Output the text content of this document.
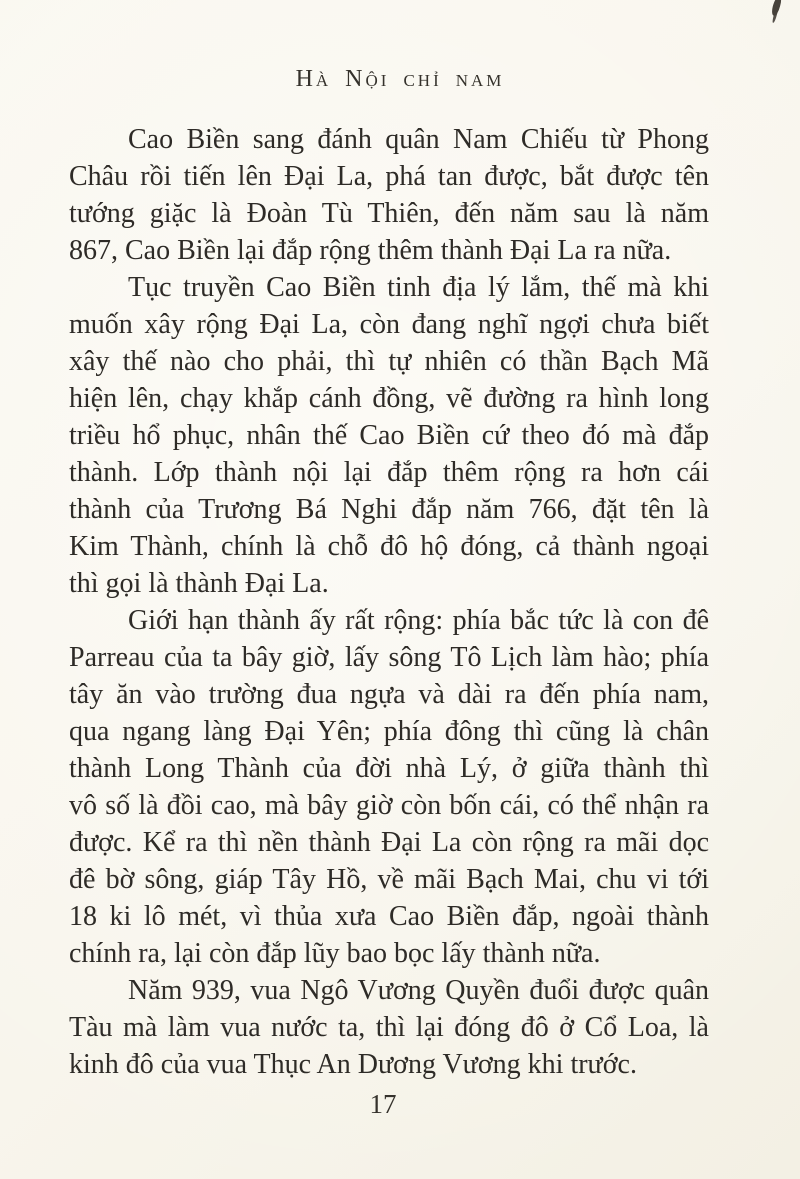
Hà Nội chỉ nam
Cao Biền sang đánh quân Nam Chiếu từ Phong
Châu rồi tiến lên Đại La, phá tan được, bắt được tên
tướng giặc là Đoàn Tù Thiên, đến năm sau là năm
867, Cao Biền lại đắp rộng thêm thành Đại La ra nữa.
Tục truyền Cao Biền tinh địa lý lắm, thế mà khi
muốn xây rộng Đại La, còn đang nghĩ ngợi chưa biết
xây thế nào cho phải, thì tự nhiên có thần Bạch Mã
hiện lên, chạy khắp cánh đồng, vẽ đường ra hình long
triều hổ phục, nhân thế Cao Biền cứ theo đó mà đắp
thành. Lớp thành nội lại đắp thêm rộng ra hơn cái
thành của Trương Bá Nghi đắp năm 766, đặt tên là
Kim Thành, chính là chỗ đô hộ đóng, cả thành ngoại
thì gọi là thành Đại La.
Giới hạn thành ấy rất rộng: phía bắc tức là con đê
Parreau của ta bây giờ, lấy sông Tô Lịch làm hào; phía
tây ăn vào trường đua ngựa và dài ra đến phía nam,
qua ngang làng Đại Yên; phía đông thì cũng là chân
thành Long Thành của đời nhà Lý, ở giữa thành thì
vô số là đồi cao, mà bây giờ còn bốn cái, có thể nhận ra
được. Kể ra thì nền thành Đại La còn rộng ra mãi dọc
đê bờ sông, giáp Tây Hồ, về mãi Bạch Mai, chu vi tới
18 ki lô mét, vì thủa xưa Cao Biền đắp, ngoài thành
chính ra, lại còn đắp lũy bao bọc lấy thành nữa.
Năm 939, vua Ngô Vương Quyền đuổi được quân
Tàu mà làm vua nước ta, thì lại đóng đô ở Cổ Loa, là
kinh đô của vua Thục An Dương Vương khi trước.
17
